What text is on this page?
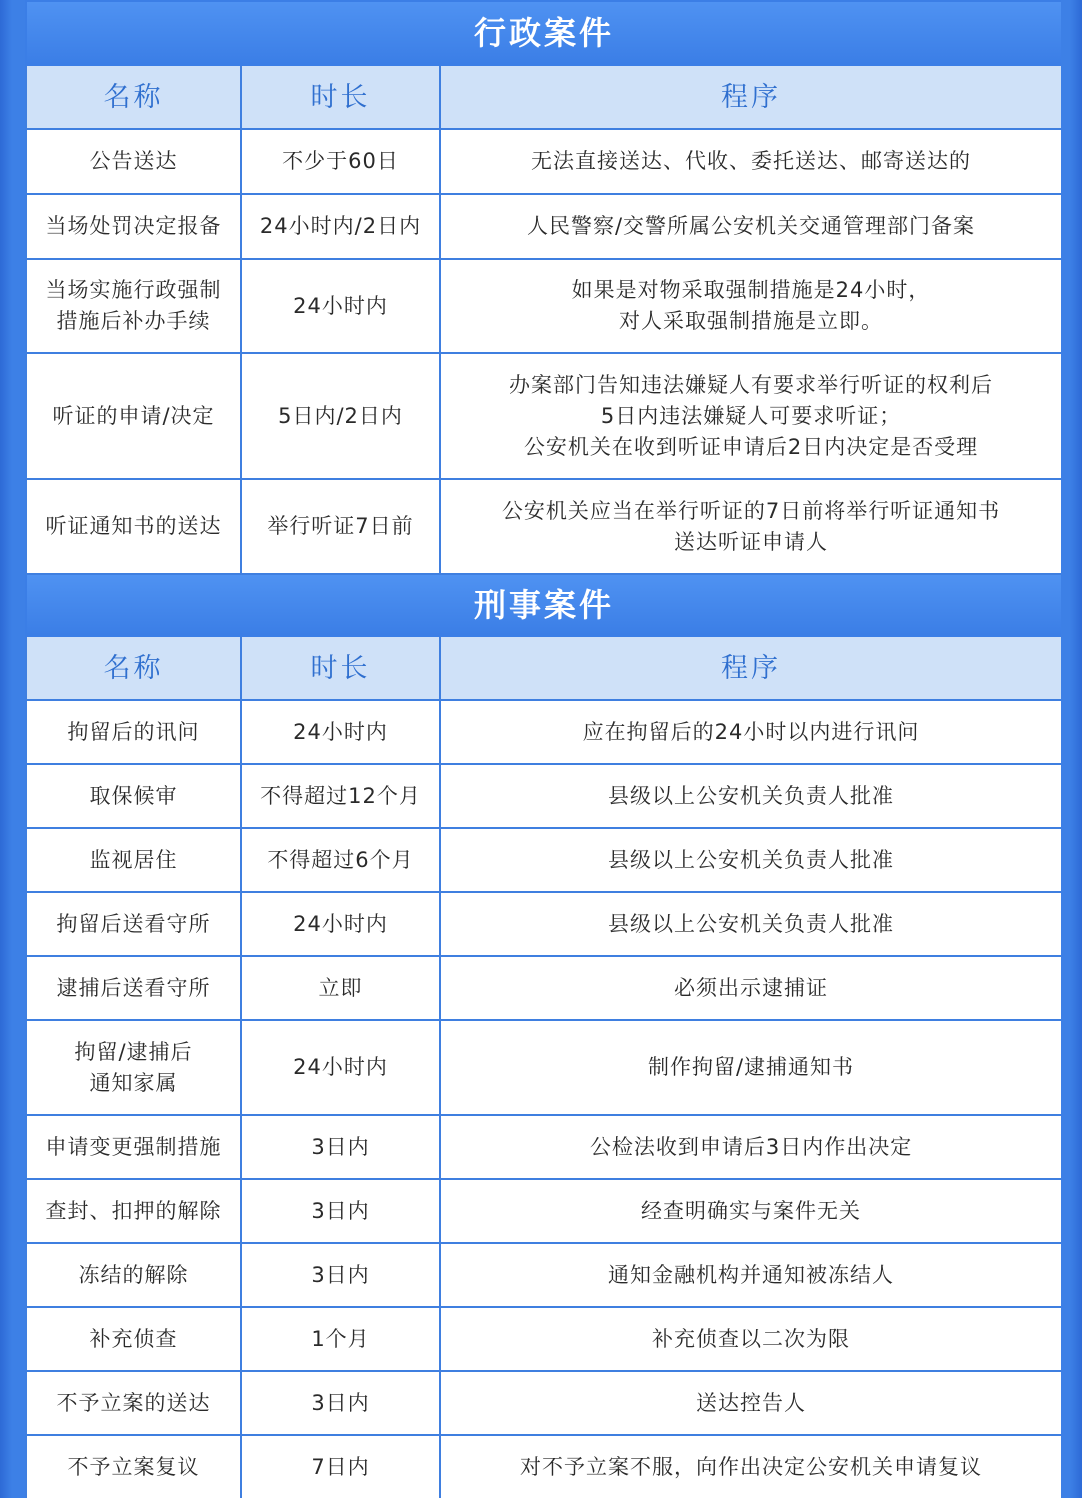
行政案件		
名称	时长	程序
公告送达	不少于60日	无法直接送达、代收、委托送达、邮寄送达的
当场处罚决定报备	24小时内/2日内	人民警察/交警所属公安机关交通管理部门备案
当场实施行政强制
措施后补办手续	24小时内	如果是对物采取强制措施是24小时，
对人采取强制措施是立即。
听证的申请/决定	5日内/2日内	办案部门告知违法嫌疑人有要求举行听证的权利后
5日内违法嫌疑人可要求听证；
公安机关在收到听证申请后2日内决定是否受理
听证通知书的送达	举行听证7日前	公安机关应当在举行听证的7日前将举行听证通知书
送达听证申请人
刑事案件		
名称	时长	程序
拘留后的讯问	24小时内	应在拘留后的24小时以内进行讯问
取保候审	不得超过12个月	县级以上公安机关负责人批准
监视居住	不得超过6个月	县级以上公安机关负责人批准
拘留后送看守所	24小时内	县级以上公安机关负责人批准
逮捕后送看守所	立即	必须出示逮捕证
拘留/逮捕后
通知家属	24小时内	制作拘留/逮捕通知书
申请变更强制措施	3日内	公检法收到申请后3日内作出决定
查封、扣押的解除	3日内	经查明确实与案件无关
冻结的解除	3日内	通知金融机构并通知被冻结人
补充侦查	1个月	补充侦查以二次为限
不予立案的送达	3日内	送达控告人
不予立案复议	7日内	对不予立案不服，向作出决定公安机关申请复议
